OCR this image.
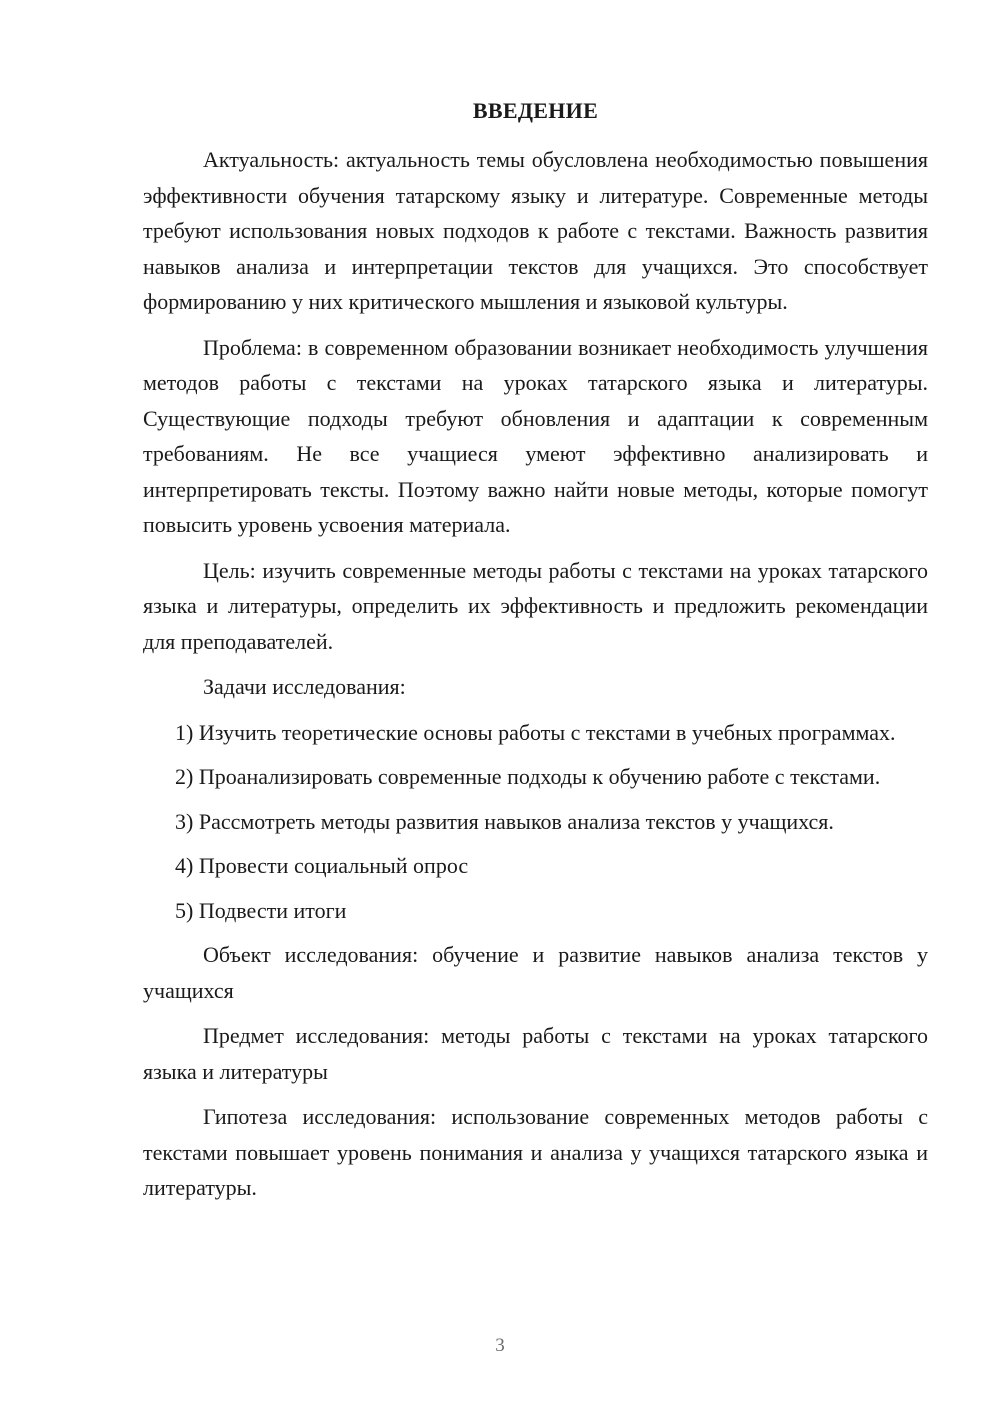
ВВЕДЕНИЕ

Актуальность: актуальность темы обусловлена необходимостью повышения эффективности обучения татарскому языку и литературе. Современные методы требуют использования новых подходов к работе с текстами. Важность развития навыков анализа и интерпретации текстов для учащихся. Это способствует формированию у них критического мышления и языковой культуры.

Проблема: в современном образовании возникает необходимость улучшения методов работы с текстами на уроках татарского языка и литературы. Существующие подходы требуют обновления и адаптации к современным требованиям. Не все учащиеся умеют эффективно анализировать и интерпретировать тексты. Поэтому важно найти новые методы, которые помогут повысить уровень усвоения материала.

Цель: изучить современные методы работы с текстами на уроках татарского языка и литературы, определить их эффективность и предложить рекомендации для преподавателей.

Задачи исследования:

1) Изучить теоретические основы работы с текстами в учебных программах.

2) Проанализировать современные подходы к обучению работе с текстами.

3) Рассмотреть методы развития навыков анализа текстов у учащихся.

4) Провести социальный опрос

5) Подвести итоги

Объект исследования: обучение и развитие навыков анализа текстов у учащихся

Предмет исследования: методы работы с текстами на уроках татарского языка и литературы

Гипотеза исследования: использование современных методов работы с текстами повышает уровень понимания и анализа у учащихся татарского языка и литературы.

3
